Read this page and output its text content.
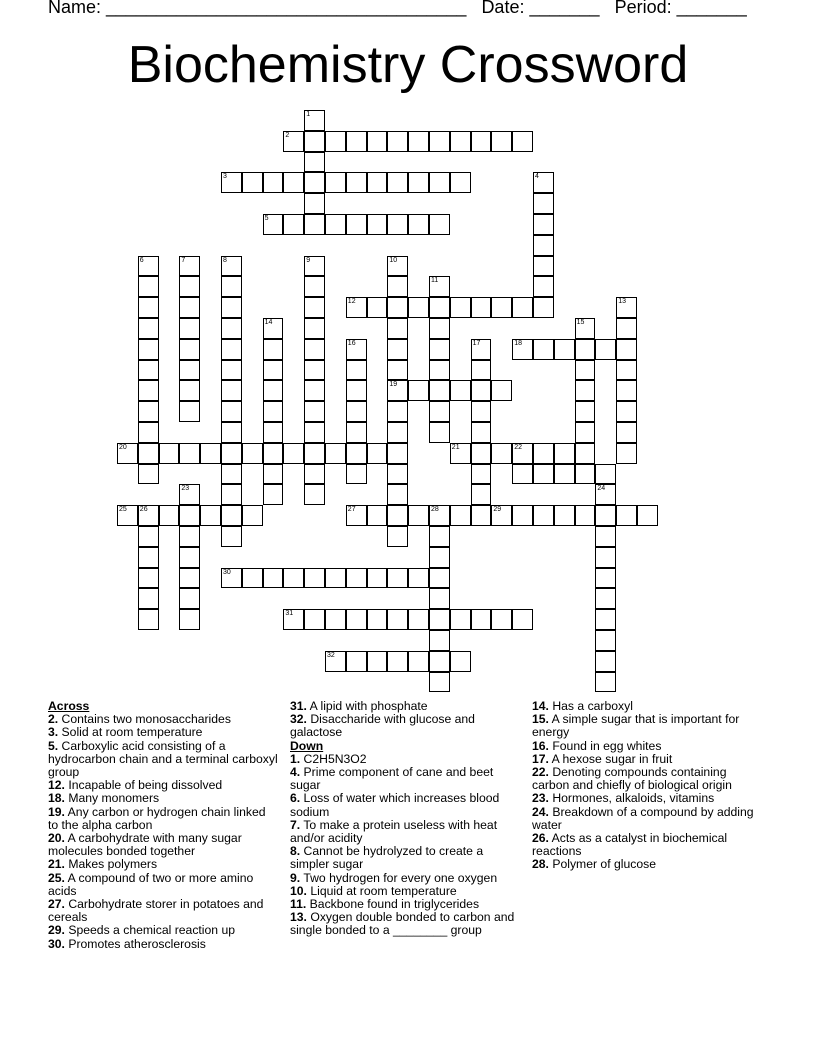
Name: ____________________________________ Date: _______ Period: _______
Biochemistry Crossword
1
2
3	4
5
6	7	8	9	10
19
11
12	13
14	15
16	17	18
20	21	22
23	24
25 26	27	28	29
30
31
32
Across
2. Contains two monosaccharides
3. Solid at room temperature
5. Carboxylic acid consisting of a hydrocarbon chain and a terminal carboxyl group
12. Incapable of being dissolved
18. Many monomers
19. Any carbon or hydrogen chain linked to the alpha carbon
20. A carbohydrate with many sugar molecules bonded together
21. Makes polymers
25. A compound of two or more amino acids
27. Carbohydrate storer in potatoes and cereals
29. Speeds a chemical reaction up
30. Promotes atherosclerosis
31. A lipid with phosphate
32. Disaccharide with glucose and galactose
Down
1. C2H5N3O2
4. Prime component of cane and beet sugar
6. Loss of water which increases blood sodium
7. To make a protein useless with heat and/or acidity
8. Cannot be hydrolyzed to create a simpler sugar
9. Two hydrogen for every one oxygen
10. Liquid at room temperature
11. Backbone found in triglycerides
13. Oxygen double bonded to carbon and single bonded to a ________ group
14. Has a carboxyl
15. A simple sugar that is important for energy
16. Found in egg whites
17. A hexose sugar in fruit
22. Denoting compounds containing carbon and chiefly of biological origin
23. Hormones, alkaloids, vitamins
24. Breakdown of a compound by adding water
26. Acts as a catalyst in biochemical reactions
28. Polymer of glucose
